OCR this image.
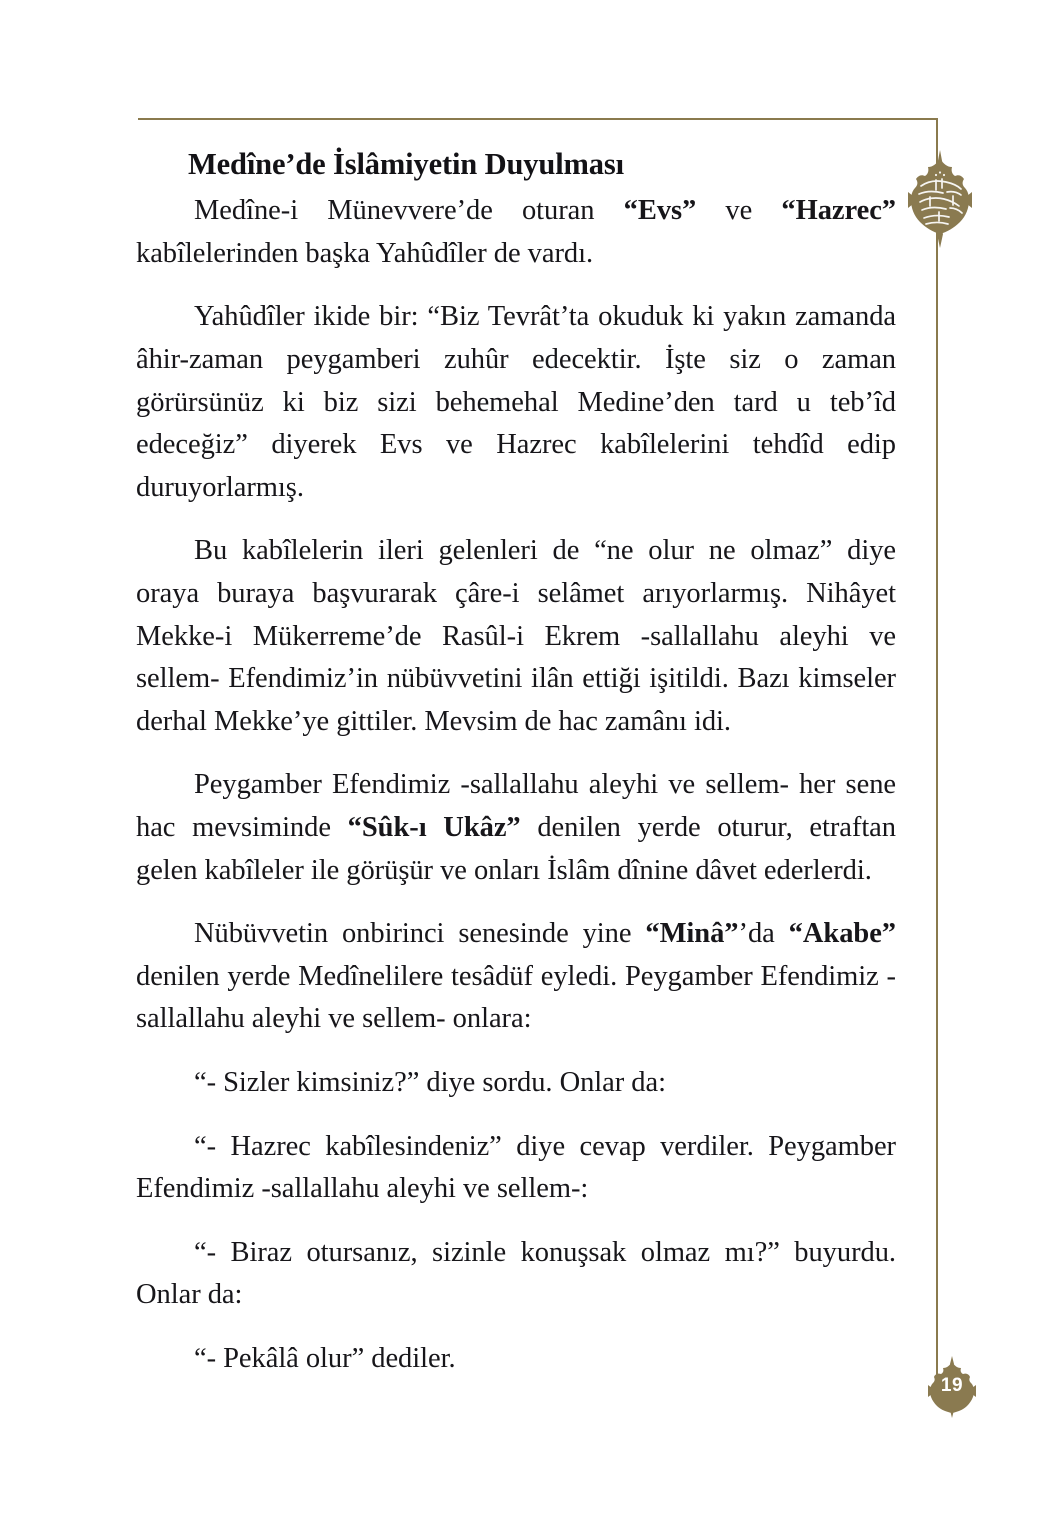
Medîne’de İslâmiyetin Duyulması

Medîne-i Münevvere’de oturan “Evs” ve “Hazrec” kabîlelerinden başka Yahûdîler de vardı.

Yahûdîler ikide bir: “Biz Tevrât’ta okuduk ki yakın zamanda âhir-zaman peygamberi zuhûr edecektir. İşte siz o zaman görürsünüz ki biz sizi behemehal Medine’den tard u teb’îd edeceğiz” diyerek Evs ve Hazrec kabîlelerini tehdîd edip duruyorlarmış.

Bu kabîlelerin ileri gelenleri de “ne olur ne olmaz” diye oraya buraya başvurarak çâre-i selâmet arıyorlarmış. Nihâyet Mekke-i Mükerreme’de Rasûl-i Ekrem -sallallahu aleyhi ve sellem- Efendimiz’in nübüvvetini ilân ettiği işitildi. Bazı kimseler derhal Mekke’ye gittiler. Mevsim de hac zamânı idi.

Peygamber Efendimiz -sallallahu aleyhi ve sellem- her sene hac mevsiminde “Sûk-ı Ukâz” denilen yerde oturur, etraftan gelen kabîleler ile görüşür ve onları İslâm dînine dâvet ederlerdi.

Nübüvvetin onbirinci senesinde yine “Minâ”’da “Akabe” denilen yerde Medînelilere tesâdüf eyledi. Peygamber Efendimiz -sallallahu aleyhi ve sellem- onlara:

“- Sizler kimsiniz?” diye sordu. Onlar da:

“- Hazrec kabîlesindeniz” diye cevap verdiler. Peygamber Efendimiz -sallallahu aleyhi ve sellem-:

“- Biraz otursanız, sizinle konuşsak olmaz mı?” buyurdu. Onlar da:

“- Pekâlâ olur” dediler.

19
